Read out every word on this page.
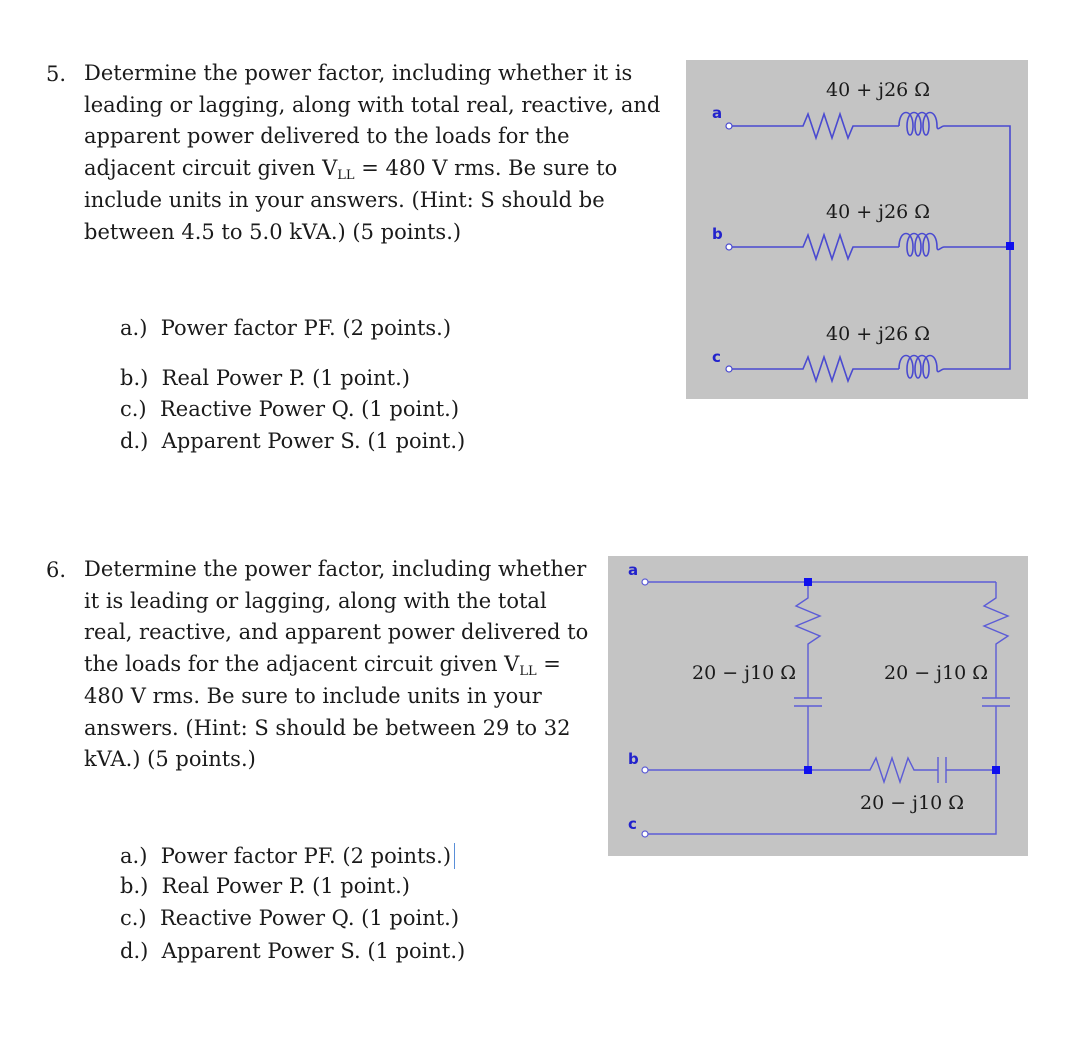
5. Determine the power factor, including whether it is leading or lagging, along with total real, reactive, and apparent power delivered to the loads for the adjacent circuit given $V_{LL} = 480$ V rms. Be sure to include units in your answers. (Hint: S should be between 4.5 to 5.0 kVA.) (5 points.)
a.)  Power factor PF. (2 points.)
b.)  Real Power P. (1 point.)
c.)  Reactive Power Q. (1 point.)
d.)  Apparent Power S. (1 point.)
a
b
c
40 + j26 Ω
40 + j26 Ω
40 + j26 Ω
6. Determine the power factor, including whether it is leading or lagging, along with the total real, reactive, and apparent power delivered to the loads for the adjacent circuit given $V_{LL} = 480$ V rms. Be sure to include units in your answers. (Hint: S should be between 29 to 32 kVA.) (5 points.)
a.)  Power factor PF. (2 points.)
b.)  Real Power P. (1 point.)
c.)  Reactive Power Q. (1 point.)
d.)  Apparent Power S. (1 point.)
a
b
c
20 − j10 Ω	20 − j10 Ω
20 − j10 Ω
